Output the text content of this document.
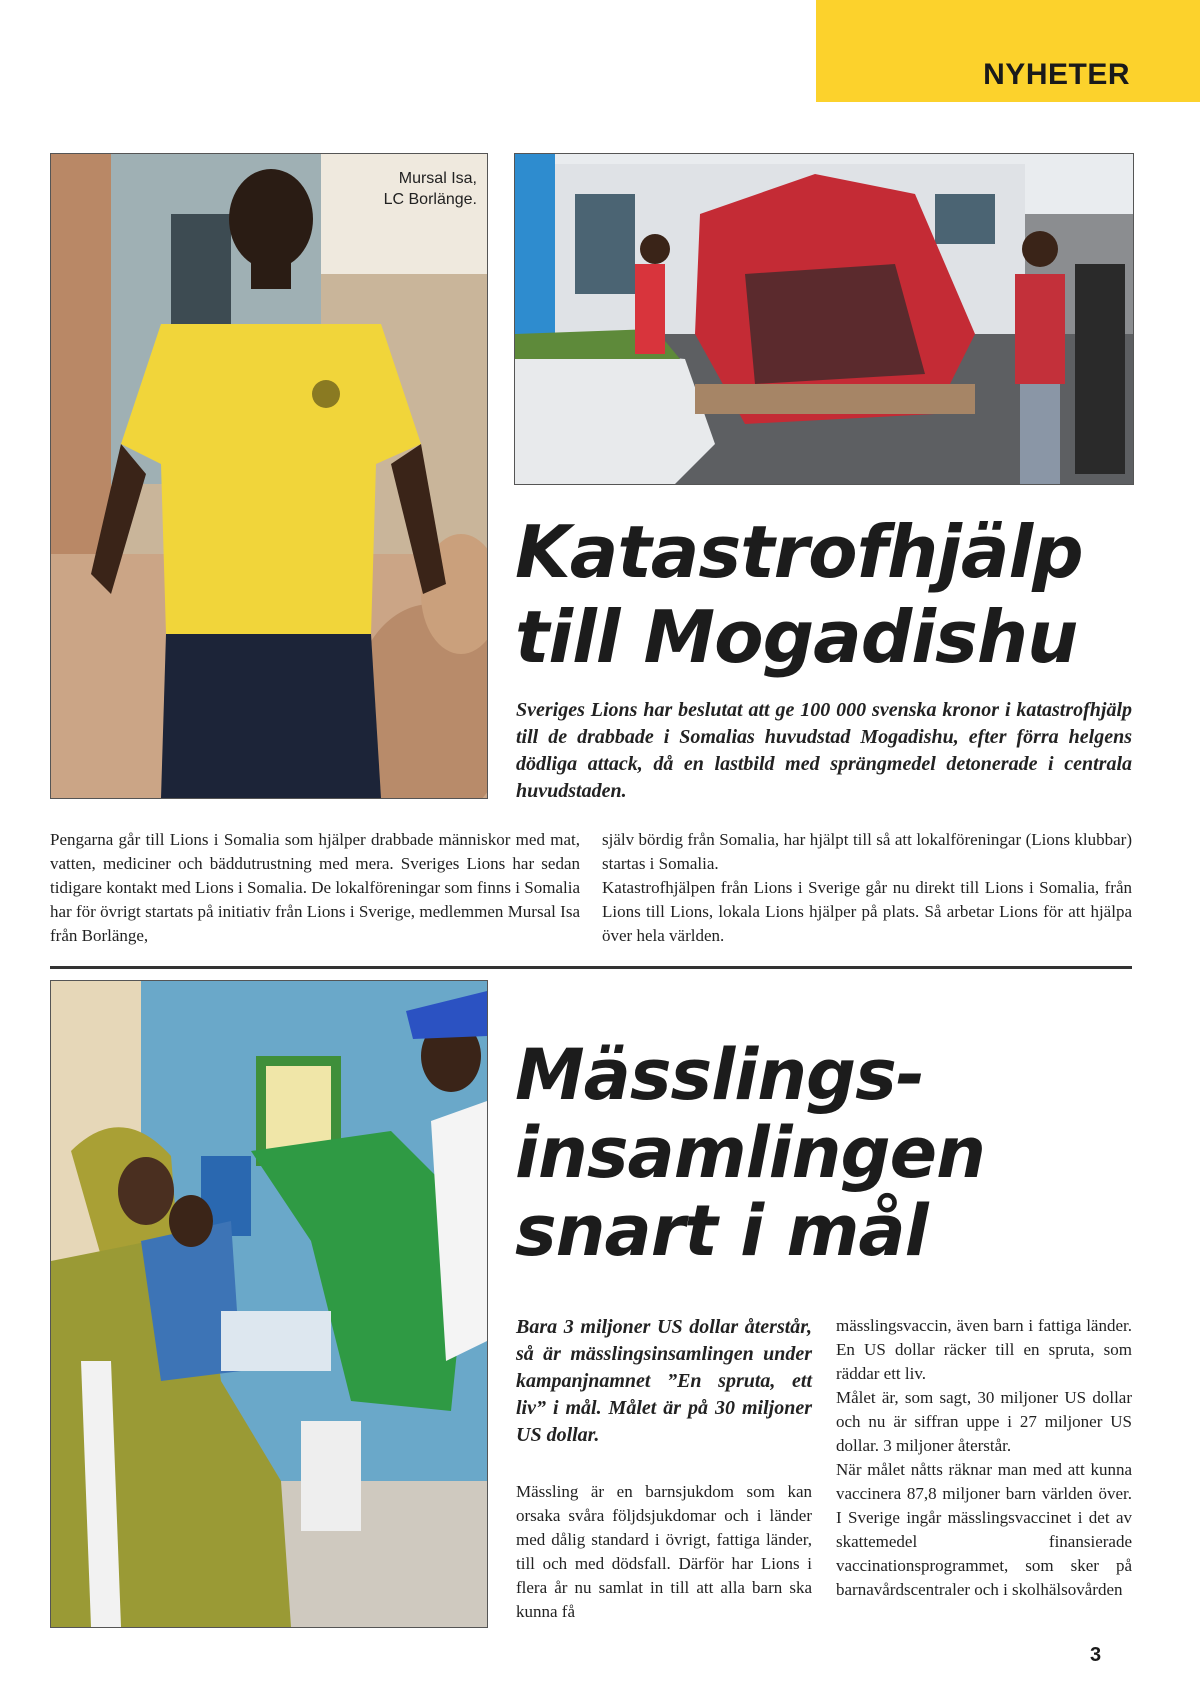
NYHETER
Mursal Isa,
LC Borlänge.
Katastrofhjälp
till Mogadishu

Sveriges Lions har beslutat att ge 100 000 svenska kronor i katastrofhjälp till de drabbade i Somalias huvudstad Mogadishu, efter förra helgens dödliga attack, då en lastbild med sprängmedel detonerade i centrala huvudstaden.

Pengarna går till Lions i Somalia som hjälper drabbade människor med mat, vatten, mediciner och bäddutrustning med mera. Sveriges Lions har sedan tidigare kontakt med Lions i Somalia. De lokalföreningar som finns i Somalia har för övrigt startats på initiativ från Lions i Sverige, medlemmen Mursal Isa från Borlänge,

själv bördig från Somalia, har hjälpt till så att lokalföreningar (Lions klubbar) startas i Somalia.

Katastrofhjälpen från Lions i Sverige går nu direkt till Lions i Somalia, från Lions till Lions, lokala Lions hjälper på plats. Så arbetar Lions för att hjälpa över hela världen.

Mässlings-
insamlingen
snart i mål

Bara 3 miljoner US dollar återstår, så är mässlingsinsamlingen under kampanjnamnet ”En spruta, ett liv” i mål. Målet är på 30 miljoner US dollar.

Mässling är en barnsjukdom som kan orsaka svåra följdsjukdomar och i länder med dålig standard i övrigt, fattiga länder, till och med dödsfall. Därför har Lions i flera år nu samlat in till att alla barn ska kunna få

mässlingsvaccin, även barn i fattiga länder. En US dollar räcker till en spruta, som räddar ett liv.

Målet är, som sagt, 30 miljoner US dollar och nu är siffran uppe i 27 miljoner US dollar. 3 miljoner återstår.

När målet nåtts räknar man med att kunna vaccinera 87,8 miljoner barn världen över. I Sverige ingår mässlingsvaccinet i det av skattemedel finansierade vaccinationsprogrammet, som sker på barnavårdscentraler och i skolhälsovården

3
